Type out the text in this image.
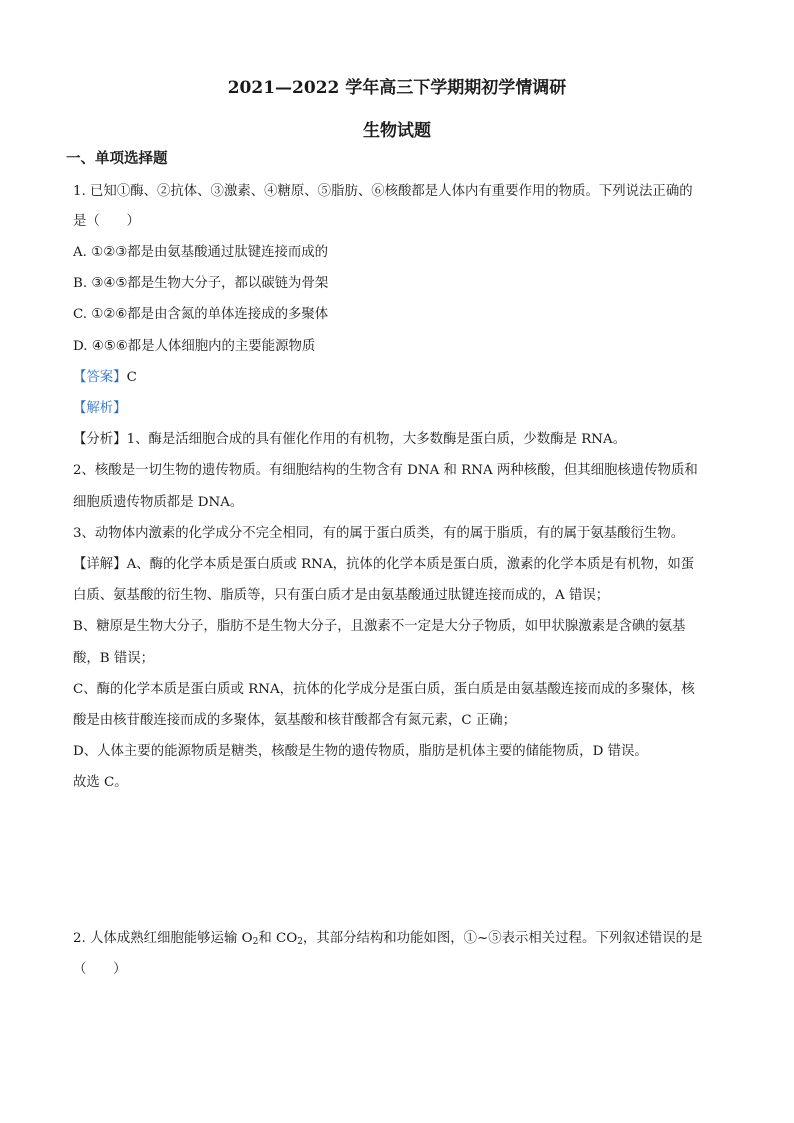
2021—2022 学年高三下学期期初学情调研
生物试题
一、单项选择题
1. 已知①酶、②抗体、③激素、④糖原、⑤脂肪、⑥核酸都是人体内有重要作用的物质。下列说法正确的
是（　　）
A. ①②③都是由氨基酸通过肽键连接而成的
B. ③④⑤都是生物大分子，都以碳链为骨架
C. ①②⑥都是由含氮的单体连接成的多聚体
D. ④⑤⑥都是人体细胞内的主要能源物质
【答案】C
【解析】
【分析】1、酶是活细胞合成的具有催化作用的有机物，大多数酶是蛋白质，少数酶是 RNA。
2、核酸是一切生物的遗传物质。有细胞结构的生物含有 DNA 和 RNA 两种核酸，但其细胞核遗传物质和
细胞质遗传物质都是 DNA。
3、动物体内激素的化学成分不完全相同，有的属于蛋白质类，有的属于脂质，有的属于氨基酸衍生物。
【详解】A、酶的化学本质是蛋白质或 RNA，抗体的化学本质是蛋白质，激素的化学本质是有机物，如蛋
白质、氨基酸的衍生物、脂质等，只有蛋白质才是由氨基酸通过肽键连接而成的，A 错误；
B、糖原是生物大分子，脂肪不是生物大分子，且激素不一定是大分子物质，如甲状腺激素是含碘的氨基
酸，B 错误；
C、酶的化学本质是蛋白质或 RNA，抗体的化学成分是蛋白质，蛋白质是由氨基酸连接而成的多聚体，核
酸是由核苷酸连接而成的多聚体，氨基酸和核苷酸都含有氮元素，C 正确；
D、人体主要的能源物质是糖类，核酸是生物的遗传物质，脂肪是机体主要的储能物质，D 错误。
故选 C。
2. 人体成熟红细胞能够运输 $O_2$和 $CO_2$，其部分结构和功能如图，①~⑤表示相关过程。下列叙述错误的是
（　　）
